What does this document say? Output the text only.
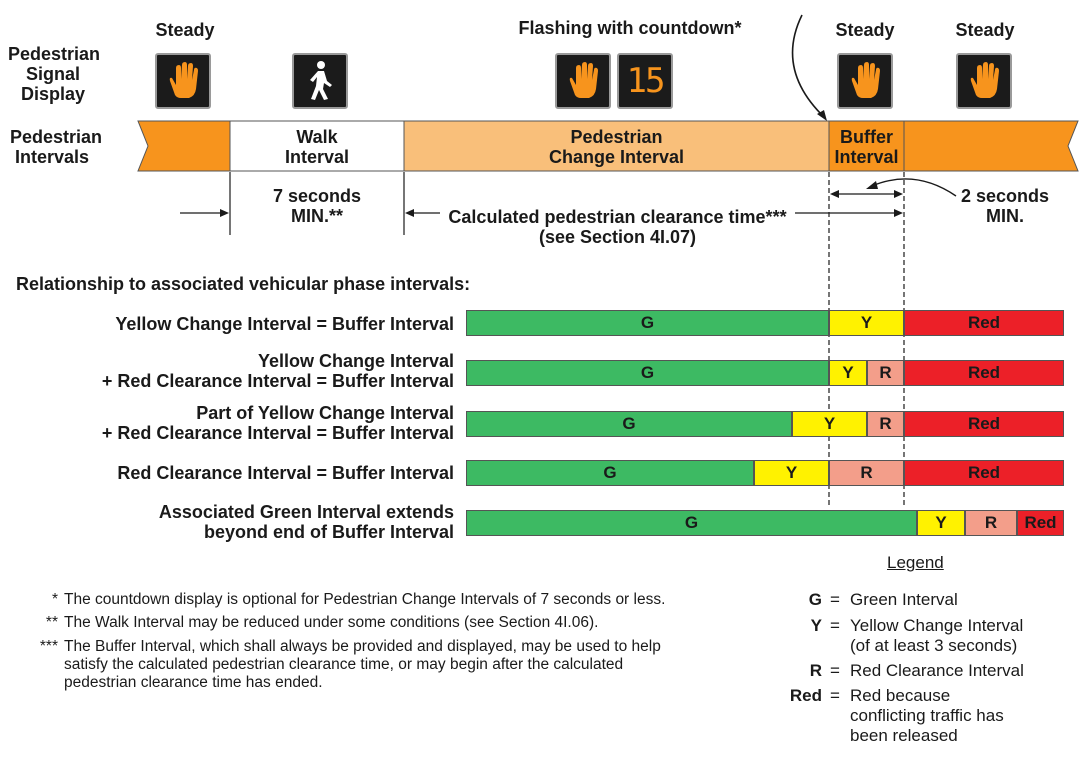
Pedestrian
Signal
Display
Steady	Flashing with countdown*	Steady	Steady
15
Pedestrian
Intervals
Walk
Interval
Pedestrian
Change Interval
Buffer
Interval
7 seconds
MIN.**	Calculated pedestrian clearance time***
(see Section 4I.07)
2 seconds
MIN.
Relationship to associated vehicular phase intervals:
Yellow Change Interval = Buffer Interval	G	Y	Red
Yellow Change Interval
+ Red Clearance Interval = Buffer Interval	G	Y	R	Red
Part of Yellow Change Interval
+ Red Clearance Interval = Buffer Interval	G	Y	R	Red
Red Clearance Interval = Buffer Interval	G	Y	R	Red
Associated Green Interval extends
beyond end of Buffer Interval	G	Y	R	Red
* The countdown display is optional for Pedestrian Change Intervals of 7 seconds or less.
** The Walk Interval may be reduced under some conditions (see Section 4I.06).
*** The Buffer Interval, which shall always be provided and displayed, may be used to help
satisfy the calculated pedestrian clearance time, or may begin after the calculated
pedestrian clearance time has ended.
Legend
G = Green Interval
Y = Yellow Change Interval
(of at least 3 seconds)
R = Red Clearance Interval
Red = Red because
conflicting traffic has
been released
